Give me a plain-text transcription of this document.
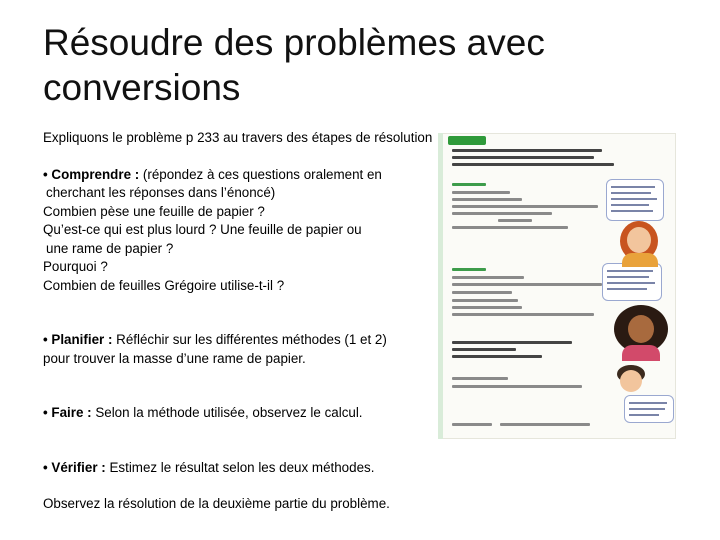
Résoudre des problèmes avec conversions

Expliquons le problème p 233 au travers des étapes de résolution

• Comprendre : (répondez à ces questions oralement en

cherchant les réponses dans l’énoncé)

Combien pèse une feuille de papier ?

Qu’est-ce qui est plus lourd ? Une feuille de papier ou

une rame de papier ?

Pourquoi ?

Combien de feuilles Grégoire utilise-t-il ?

• Planifier : Réfléchir sur les différentes méthodes (1 et 2)

pour trouver la masse d’une rame de papier.

• Faire : Selon la méthode utilisée, observez le calcul.

• Vérifier : Estimez le résultat selon les deux méthodes.

Observez la résolution de la deuxième partie du problème.
